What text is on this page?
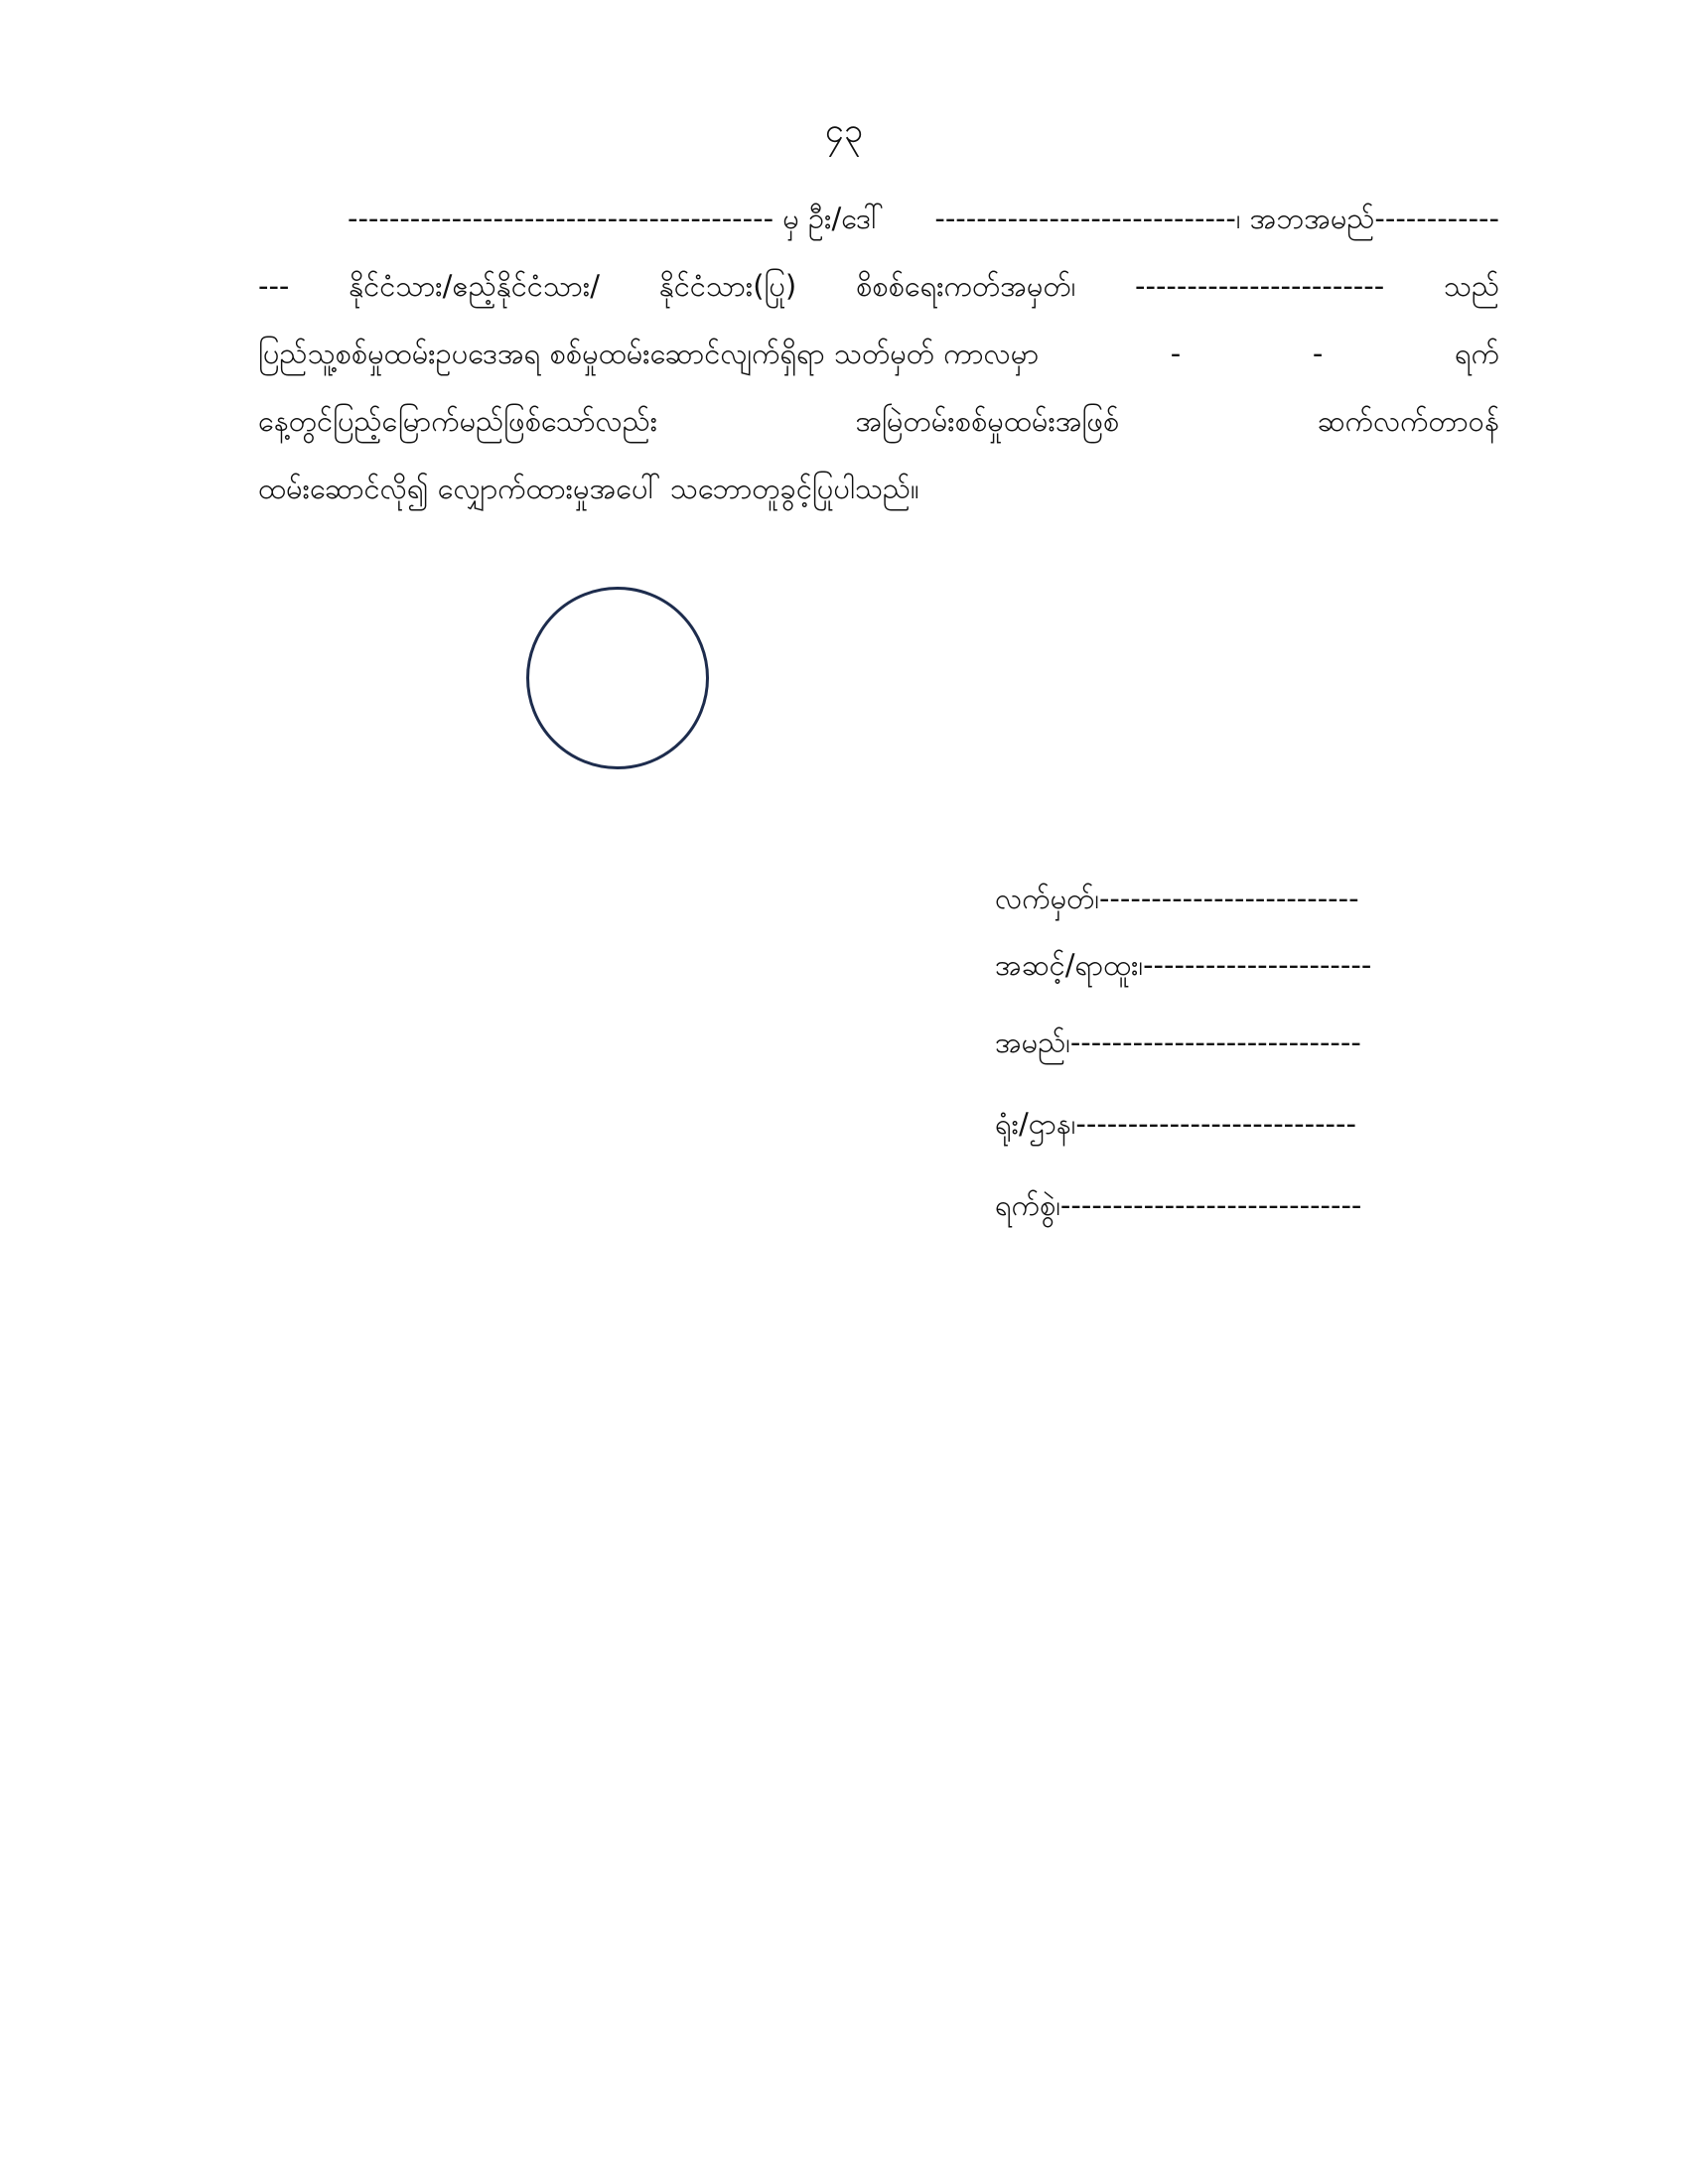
၄၃
----------------------------------------- မှ ဦး/ဒေါ် -----------------------------၊ အဘအမည်------------
--- နိုင်ငံသား/ဧည့်နိုင်ငံသား/ နိုင်ငံသား(ပြု) စိစစ်ရေးကတ်အမှတ်၊ ------------------------ သည်
ပြည်သူ့စစ်မှုထမ်းဥပဒေအရ စစ်မှုထမ်းဆောင်လျက်ရှိရာ သတ်မှတ် ကာလမှာ	-	-	ရက်
နေ့တွင်ပြည့်မြောက်မည်ဖြစ်သော်လည်း	အမြဲတမ်းစစ်မှုထမ်းအဖြစ်	ဆက်လက်တာဝန်
ထမ်းဆောင်လို၍ လျှောက်ထားမှုအပေါ် သဘောတူခွင့်ပြုပါသည်။
လက်မှတ်၊-------------------------
အဆင့်/ရာထူး၊----------------------
အမည်၊----------------------------
ရုံး/ဌာန၊---------------------------
ရက်စွဲ၊-----------------------------
